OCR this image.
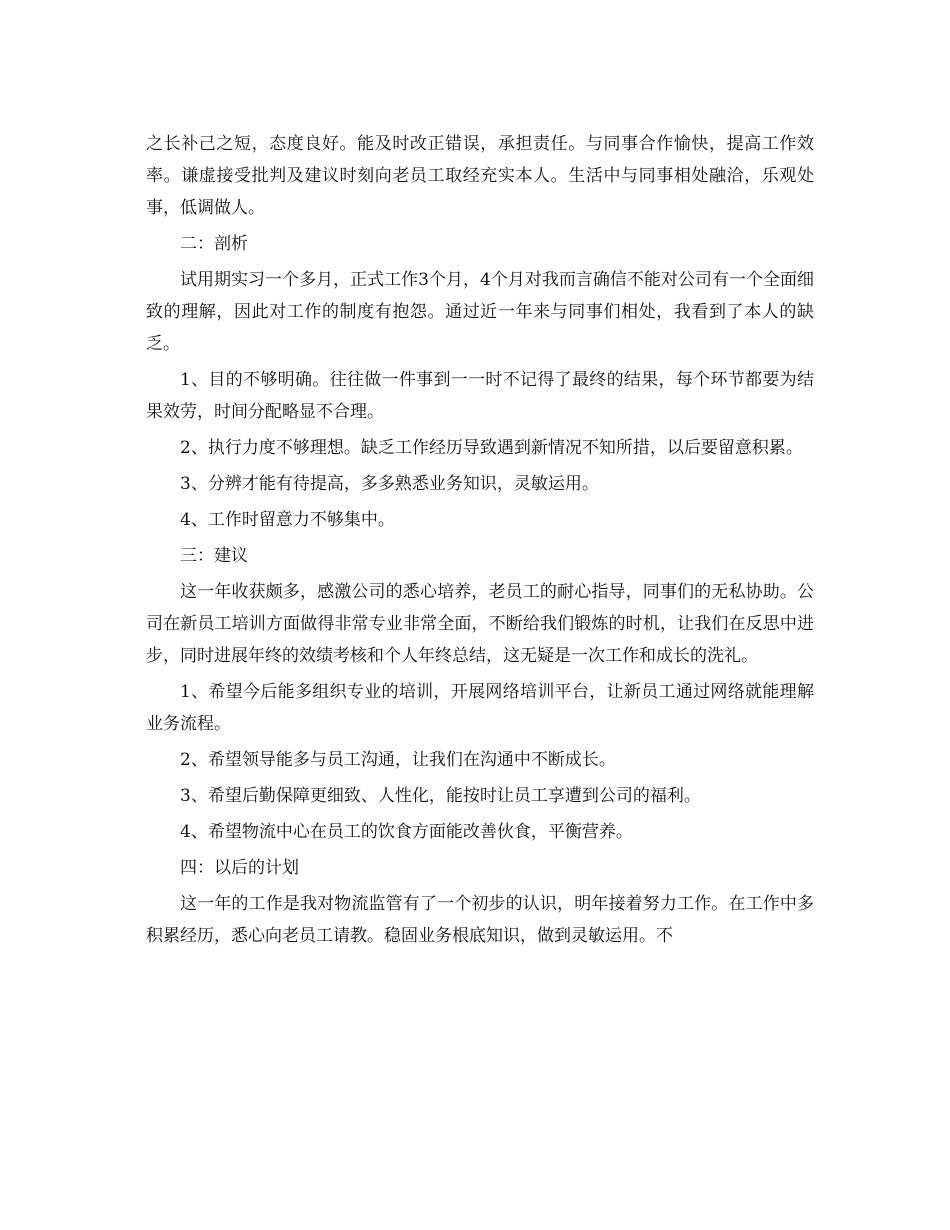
之长补己之短，态度良好。能及时改正错误，承担责任。与同事合作愉快，提高工作效率。谦虚接受批判及建议时刻向老员工取经充实本人。生活中与同事相处融洽，乐观处事，低调做人。

二：剖析

试用期实习一个多月，正式工作3个月，4个月对我而言确信不能对公司有一个全面细致的理解，因此对工作的制度有抱怨。通过近一年来与同事们相处，我看到了本人的缺乏。

1、目的不够明确。往往做一件事到一一时不记得了最终的结果，每个环节都要为结果效劳，时间分配略显不合理。

2、执行力度不够理想。缺乏工作经历导致遇到新情况不知所措，以后要留意积累。

3、分辨才能有待提高，多多熟悉业务知识，灵敏运用。

4、工作时留意力不够集中。

三：建议

这一年收获颇多，感激公司的悉心培养，老员工的耐心指导，同事们的无私协助。公司在新员工培训方面做得非常专业非常全面，不断给我们锻炼的时机，让我们在反思中进步，同时进展年终的效绩考核和个人年终总结，这无疑是一次工作和成长的洗礼。

1、希望今后能多组织专业的培训，开展网络培训平台，让新员工通过网络就能理解业务流程。

2、希望领导能多与员工沟通，让我们在沟通中不断成长。

3、希望后勤保障更细致、人性化，能按时让员工享遭到公司的福利。

4、希望物流中心在员工的饮食方面能改善伙食，平衡营养。

四：以后的计划

这一年的工作是我对物流监管有了一个初步的认识，明年接着努力工作。在工作中多积累经历，悉心向老员工请教。稳固业务根底知识，做到灵敏运用。不
